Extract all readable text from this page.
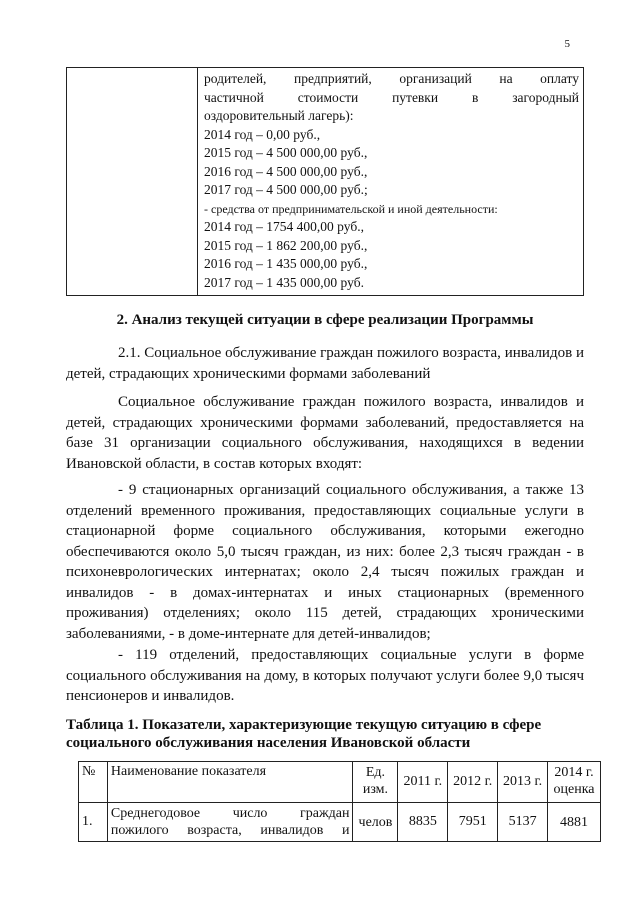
5

родителей, предприятий, организаций на оплату
частичной стоимости путевки в загородный
оздоровительный лагерь):
2014 год – 0,00 руб.,
2015 год – 4 500 000,00 руб.,
2016 год – 4 500 000,00 руб.,
2017 год – 4 500 000,00 руб.;
- средства от предпринимательской и иной деятельности:
2014 год – 1754 400,00 руб.,
2015 год – 1 862 200,00 руб.,
2016 год – 1 435 000,00 руб.,
2017 год – 1 435 000,00 руб.
2. Анализ текущей ситуации в сфере реализации Программы

2.1. Социальное обслуживание граждан пожилого возраста, инвалидов и детей, страдающих хроническими формами заболеваний

Социальное обслуживание граждан пожилого возраста, инвалидов и детей, страдающих хроническими формами заболеваний, предоставляется на базе 31 организации социального обслуживания, находящихся в ведении Ивановской области, в состав которых входят:

- 9 стационарных организаций социального обслуживания, а также 13 отделений временного проживания, предоставляющих социальные услуги в стационарной форме социального обслуживания, которыми ежегодно обеспечиваются около 5,0 тысяч граждан, из них: более 2,3 тысяч граждан - в психоневрологических интернатах; около 2,4 тысяч пожилых граждан и инвалидов - в домах-интернатах и иных стационарных (временного проживания) отделениях; около 115 детей, страдающих хроническими заболеваниями, - в доме-интернате для детей-инвалидов;

- 119 отделений, предоставляющих социальные услуги в форме социального обслуживания на дому, в которых получают услуги более 9,0 тысяч пенсионеров и инвалидов.

Таблица 1. Показатели, характеризующие текущую ситуацию в сфере социального обслуживания населения Ивановской области

№	Наименование показателя	Ед. изм.	2011 г.	2012 г.	2013 г.	2014 г. оценка
1.	Среднегодовое число граждан пожилого возраста, инвалидов и	челов	8835	7951	5137	4881
